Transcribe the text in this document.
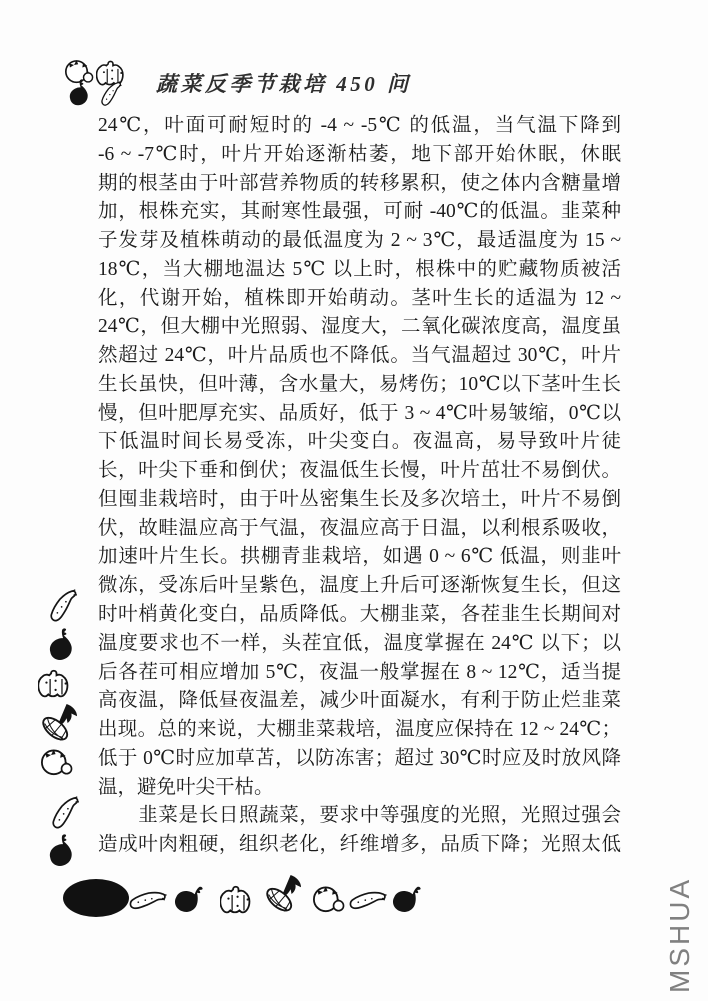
蔬菜反季节栽培 450 问
24℃，叶面可耐短时的 -4 ~ -5℃ 的低温，当气温下降到
-6 ~ -7℃时，叶片开始逐渐枯萎，地下部开始休眠，休眠
期的根茎由于叶部营养物质的转移累积，使之体内含糖量增
加，根株充实，其耐寒性最强，可耐 -40℃的低温。韭菜种
子发芽及植株萌动的最低温度为 2 ~ 3℃，最适温度为 15 ~
18℃，当大棚地温达 5℃ 以上时，根株中的贮藏物质被活
化，代谢开始，植株即开始萌动。茎叶生长的适温为 12 ~
24℃，但大棚中光照弱、湿度大，二氧化碳浓度高，温度虽
然超过 24℃，叶片品质也不降低。当气温超过 30℃，叶片
生长虽快，但叶薄，含水量大，易烤伤；10℃以下茎叶生长
慢，但叶肥厚充实、品质好，低于 3 ~ 4℃叶易皱缩，0℃以
下低温时间长易受冻，叶尖变白。夜温高，易导致叶片徒
长，叶尖下垂和倒伏；夜温低生长慢，叶片茁壮不易倒伏。
但囤韭栽培时，由于叶丛密集生长及多次培土，叶片不易倒
伏，故畦温应高于气温，夜温应高于日温，以利根系吸收，
加速叶片生长。拱棚青韭栽培，如遇 0 ~ 6℃ 低温，则韭叶
微冻，受冻后叶呈紫色，温度上升后可逐渐恢复生长，但这
时叶梢黄化变白，品质降低。大棚韭菜，各茬韭生长期间对
温度要求也不一样，头茬宜低，温度掌握在 24℃ 以下；以
后各茬可相应增加 5℃，夜温一般掌握在 8 ~ 12℃，适当提
高夜温，降低昼夜温差，减少叶面凝水，有利于防止烂韭菜
出现。总的来说，大棚韭菜栽培，温度应保持在 12 ~ 24℃；
低于 0℃时应加草苫，以防冻害；超过 30℃时应及时放风降
温，避免叶尖干枯。
　　韭菜是长日照蔬菜，要求中等强度的光照，光照过强会
造成叶肉粗硬，组织老化，纤维增多，品质下降；光照太低
MSHUA
